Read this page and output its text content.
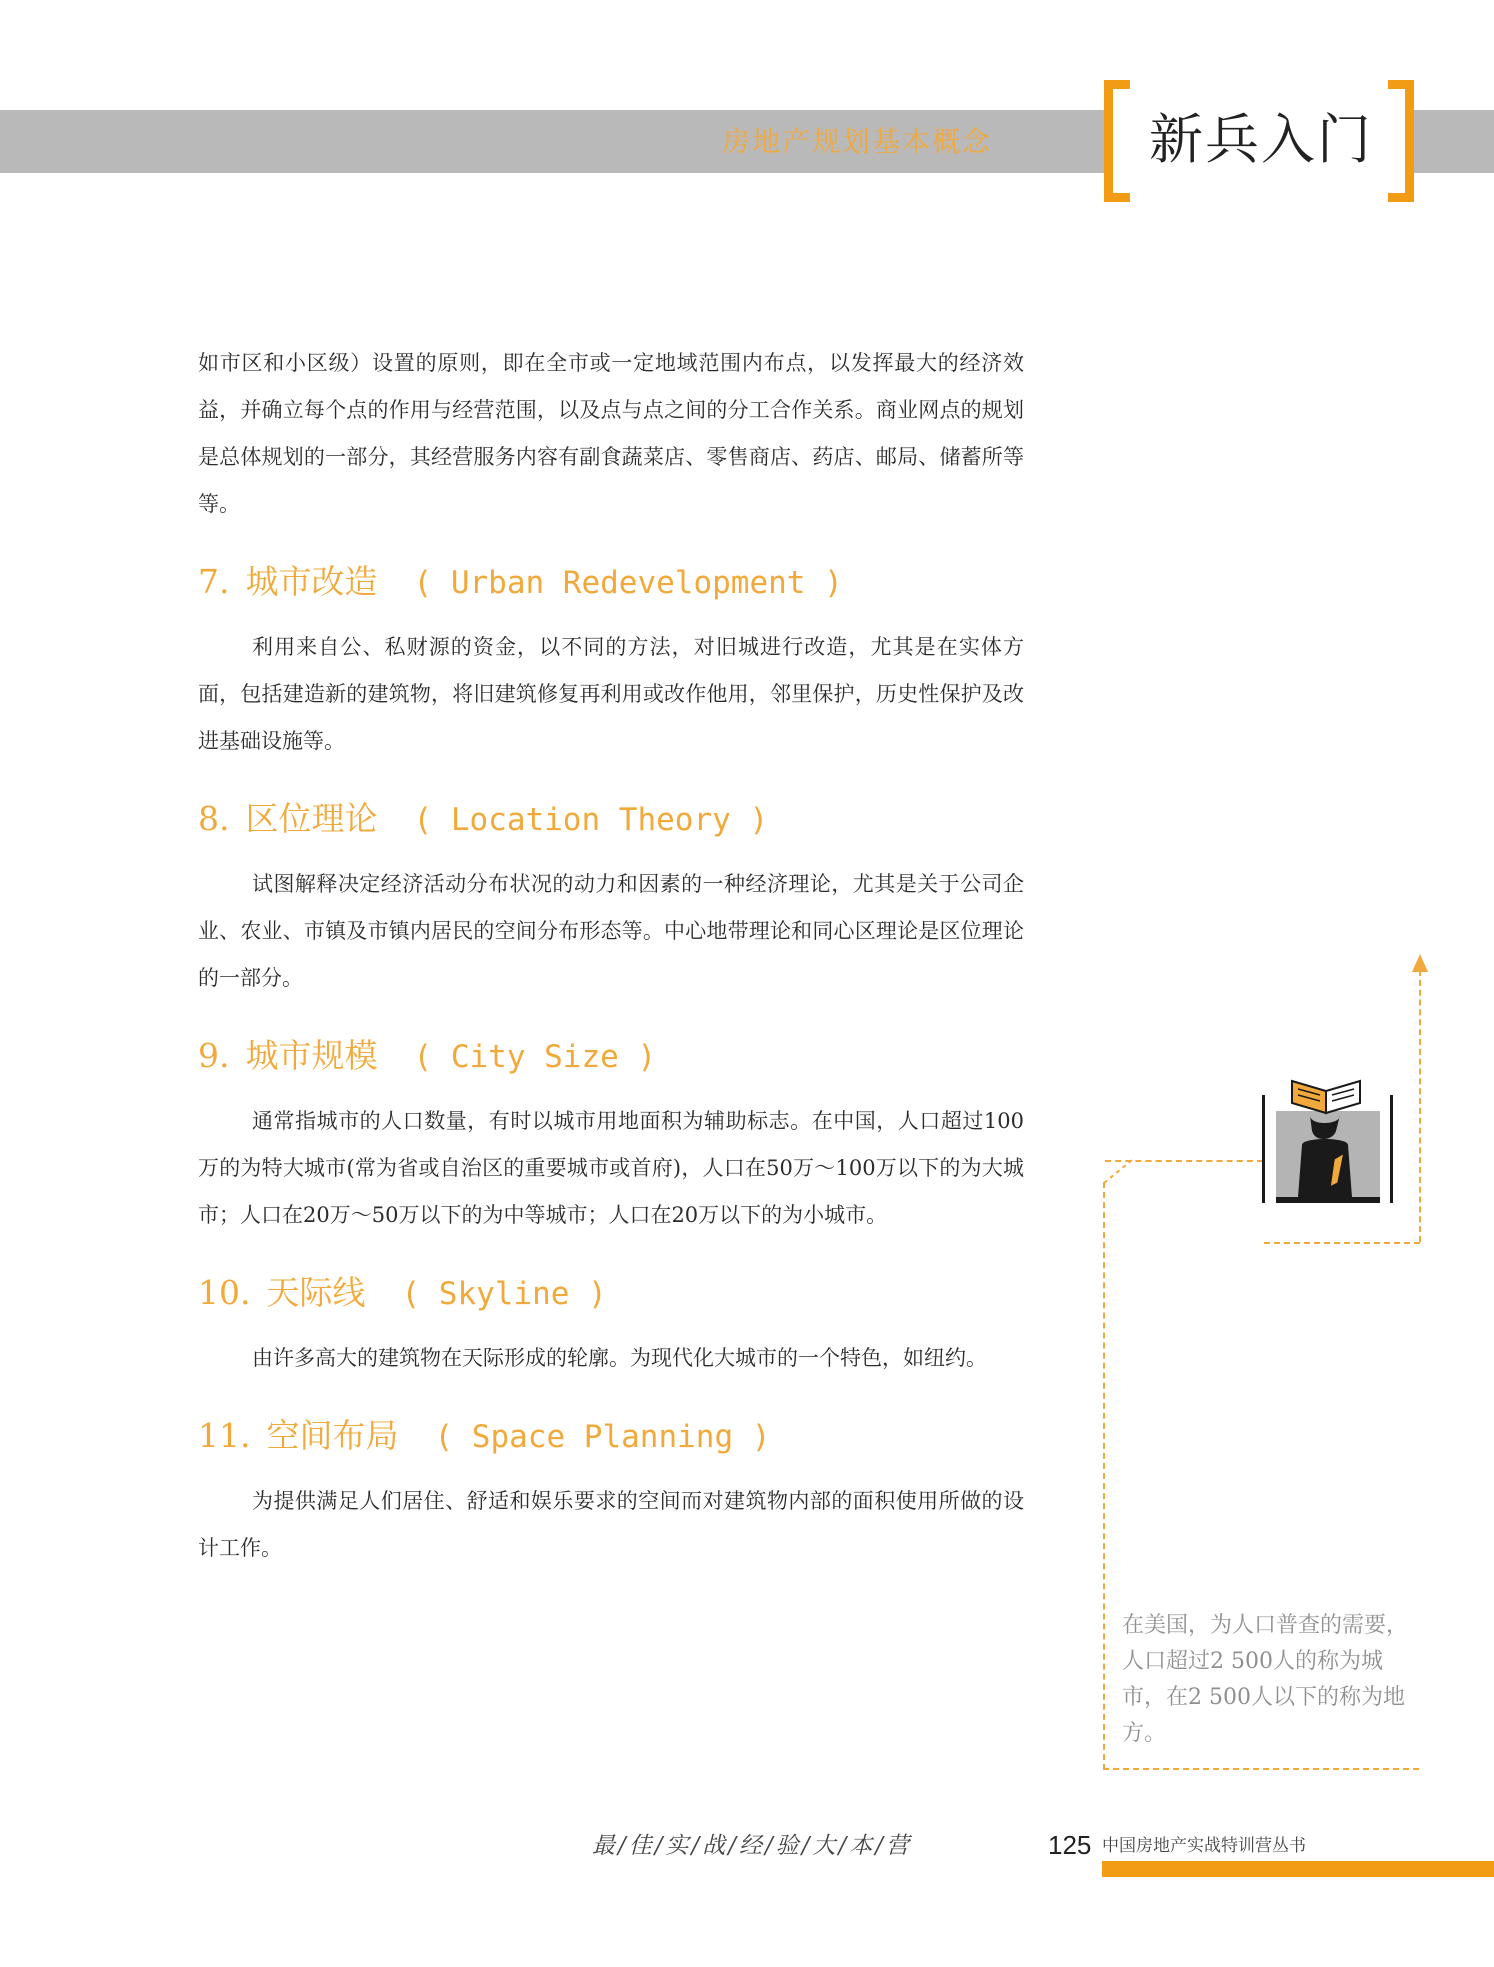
房地产规划基本概念	新兵入门

如市区和小区级）设置的原则，即在全市或一定地域范围内布点，以发挥最大的经济效益，并确立每个点的作用与经营范围，以及点与点之间的分工合作关系。商业网点的规划是总体规划的一部分，其经营服务内容有副食蔬菜店、零售商店、药店、邮局、储蓄所等等。

7. 城市改造 ( Urban Redevelopment )

利用来自公、私财源的资金，以不同的方法，对旧城进行改造，尤其是在实体方面，包括建造新的建筑物，将旧建筑修复再利用或改作他用，邻里保护，历史性保护及改进基础设施等。

8. 区位理论 ( Location Theory )

试图解释决定经济活动分布状况的动力和因素的一种经济理论，尤其是关于公司企业、农业、市镇及市镇内居民的空间分布形态等。中心地带理论和同心区理论是区位理论的一部分。

9. 城市规模 ( City Size )

通常指城市的人口数量，有时以城市用地面积为辅助标志。在中国，人口超过100万的为特大城市(常为省或自治区的重要城市或首府)，人口在50万～100万以下的为大城市；人口在20万～50万以下的为中等城市；人口在20万以下的为小城市。

10. 天际线 ( Skyline )

由许多高大的建筑物在天际形成的轮廓。为现代化大城市的一个特色，如纽约。

11. 空间布局 ( Space Planning )

为提供满足人们居住、舒适和娱乐要求的空间而对建筑物内部的面积使用所做的设计工作。

在美国，为人口普查的需要，人口超过2 500人的称为城市，在2 500人以下的称为地方。
最/佳/实/战/经/验/大/本/营	125 中国房地产实战特训营丛书
